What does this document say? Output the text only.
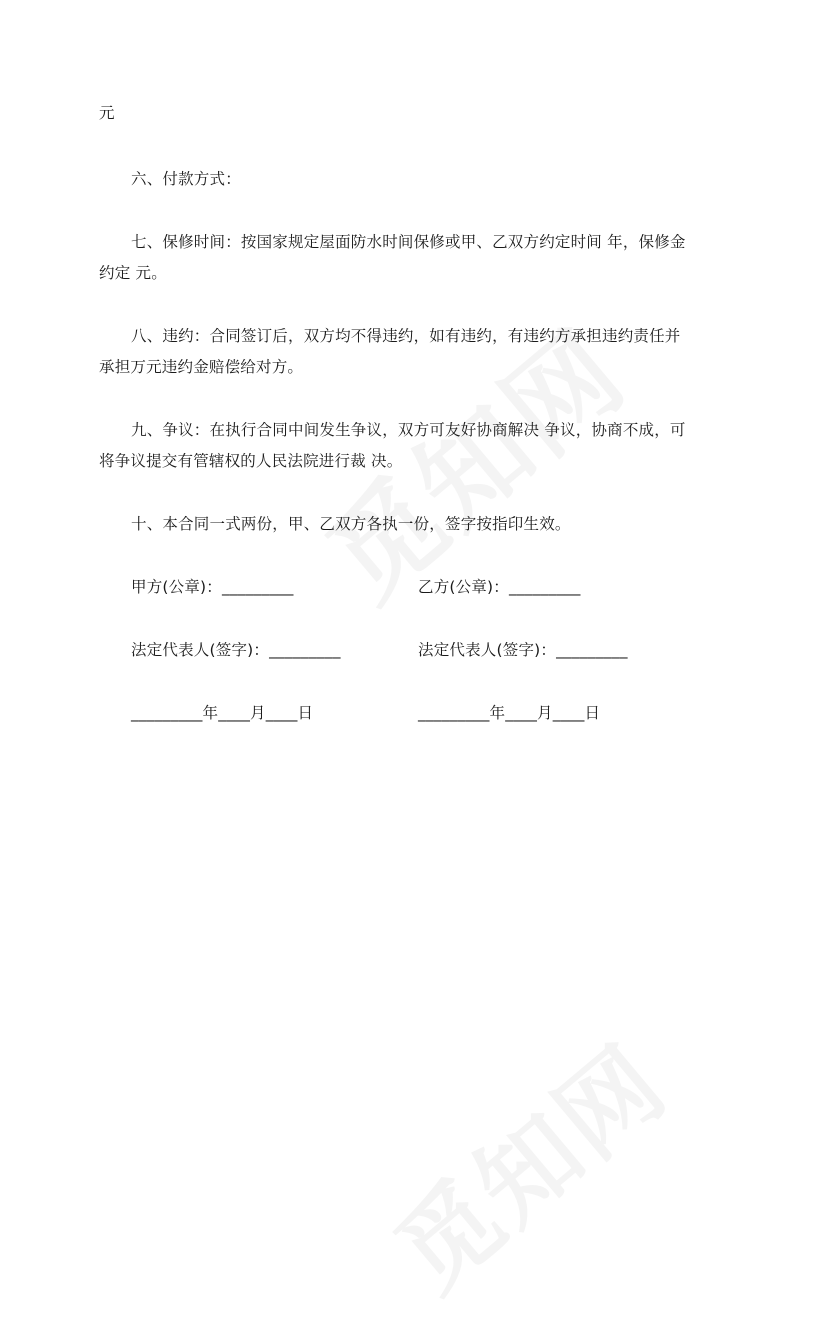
元
六、付款方式：
七、保修时间：按国家规定屋面防水时间保修或甲、乙双方约定时间 年，保修金
约定 元。
八、违约：合同签订后，双方均不得违约，如有违约，有违约方承担违约责任并
承担万元违约金赔偿给对方。
九、争议：在执行合同中间发生争议，双方可友好协商解决 争议，协商不成，可
将争议提交有管辖权的人民法院进行裁 决。
十、本合同一式两份，甲、乙双方各执一份，签字按指印生效。
甲方(公章)：_________	乙方(公章)：_________
法定代表人(签字)：_________	法定代表人(签字)：_________
_________年____月____日	_________年____月____日
